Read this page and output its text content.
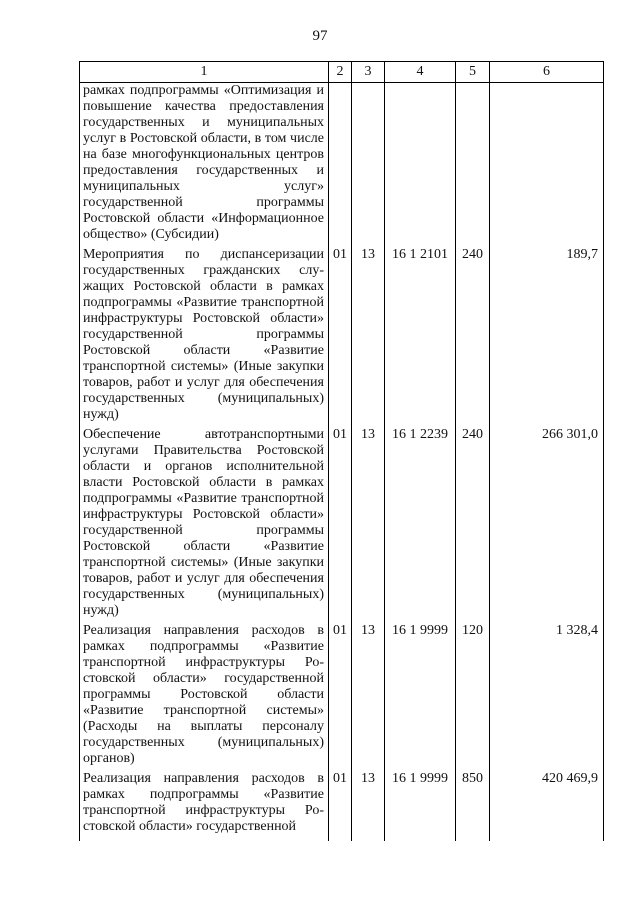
97
1	2	3	4	5	6
рамках подпрограммы «Оптимизация и повышение качества предоставления государственных и муниципальных услуг в Ростовской области, в том числе на базе многофункциональных центров предоставления государственных и муниципальных услуг» государственной программы Ростовской области «Информационное общество» (Субсидии)					
Мероприятия по диспансеризации государственных гражданских служащих Ростовской области в рамках подпрограммы «Развитие транспортной инфраструктуры Ростовской области» государственной программы Ростовской области «Развитие транспортной системы» (Иные закупки товаров, работ и услуг для обеспечения государственных (муниципальных) нужд)	01	13	16 1 2101	240	189,7
Обеспечение автотранспортными услугами Правительства Ростовской области и органов исполнительной власти Ростовской области в рамках подпрограммы «Развитие транспортной инфраструктуры Ростовской области» государственной программы Ростовской области «Развитие транспортной системы» (Иные закупки товаров, работ и услуг для обеспечения государственных (муниципальных) нужд)	01	13	16 1 2239	240	266 301,0
Реализация направления расходов в рамках подпрограммы «Развитие транспортной инфраструктуры Ростовской области» государственной программы Ростовской области «Развитие транспортной системы» (Расходы на выплаты персоналу государственных (муниципальных) органов)	01	13	16 1 9999	120	1 328,4
Реализация направления расходов в рамках подпрограммы «Развитие транспортной инфраструктуры Ростовской области» государственной	01	13	16 1 9999	850	420 469,9
